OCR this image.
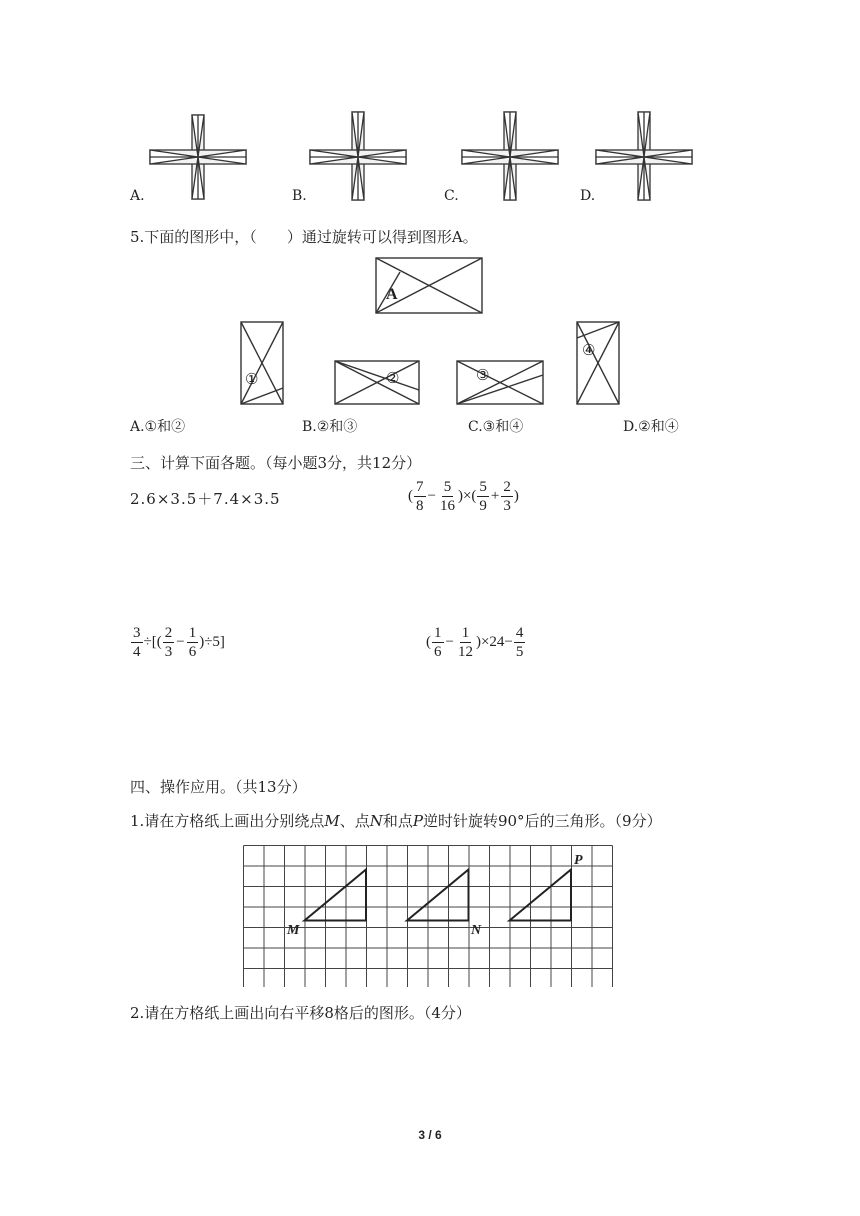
A.	B.	C.	D.
5.下面的图形中，（　　）通过旋转可以得到图形A。
A
①	②	③
④
A.①和②	B.②和③	C.③和④	D.②和④
三、计算下面各题。（每小题3分，共12分）
2.6×3.5＋7.4×3.5	( $\frac{7}{8} - \frac{5}{16}$ )×( $\frac{5}{9} + \frac{2}{3}$ )
$\frac{3}{4}$ ÷[( $\frac{2}{3} - \frac{1}{6} )\div 5$]	( $\frac{1}{6} - \frac{1}{12} )\times 24- \frac{4}{5}$
四、操作应用。（共13分）
1.请在方格纸上画出分别绕点M、点N和点P逆时针旋转90°后的三角形。（9分）
M	N
P
2.请在方格纸上画出向右平移8格后的图形。（4分）
3 / 6
